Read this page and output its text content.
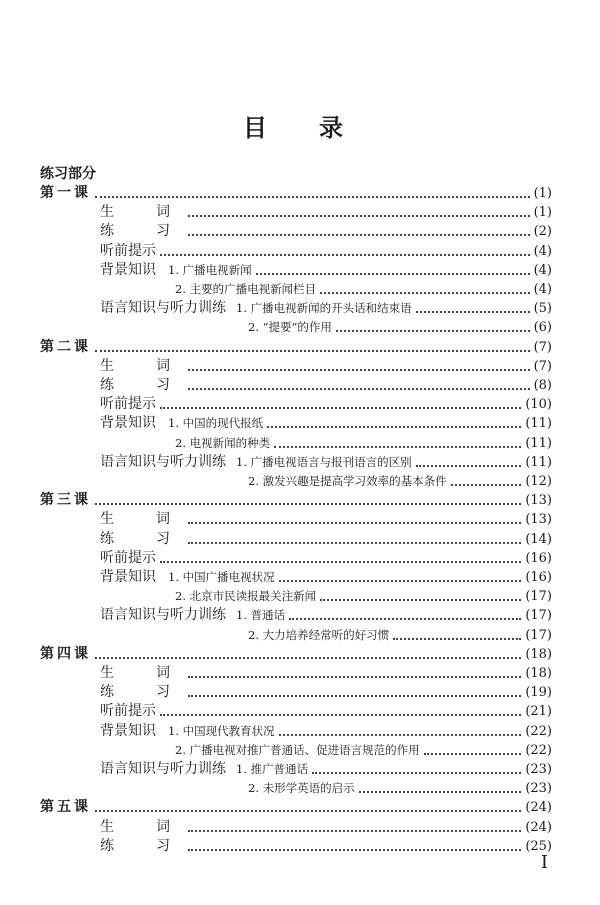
目　录
练习部分
第一课	(1)
生　词	(1)
练　习	(2)
听前提示	(4)
背景知识 1. 广播电视新闻	(4)
2. 主要的广播电视新闻栏目	(4)
语言知识与听力训练 1. 广播电视新闻的开头话和结束语	(5)
2. “提要”的作用	(6)
第二课	(7)
生　词	(7)
练　习	(8)
听前提示	(10)
背景知识 1. 中国的现代报纸	(11)
2. 电视新闻的种类	(11)
语言知识与听力训练 1. 广播电视语言与报刊语言的区别	(11)
2. 激发兴趣是提高学习效率的基本条件	(12)
第三课	(13)
生　词	(13)
练　习	(14)
听前提示	(16)
背景知识 1. 中国广播电视状况	(16)
2. 北京市民读报最关注新闻	(17)
语言知识与听力训练 1. 普通话	(17)
2. 大力培养经常听的好习惯	(17)
第四课	(18)
生　词	(18)
练　习	(19)
听前提示	(21)
背景知识 1. 中国现代教育状况	(22)
2. 广播电视对推广普通话、促进语言规范的作用	(22)
语言知识与听力训练 1. 推广普通话	(23)
2. 未形学英语的启示	(23)
第五课	(24)
生　词	(24)
练　习	(25)
I
